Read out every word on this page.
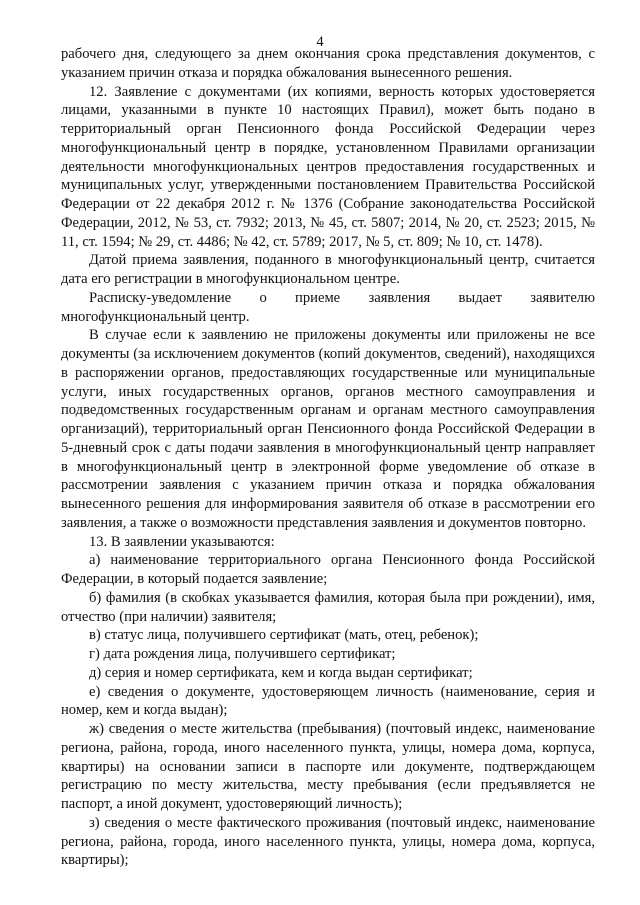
4

рабочего дня, следующего за днем окончания срока представления документов, с указанием причин отказа и порядка обжалования вынесенного решения.

12. Заявление с документами (их копиями, верность которых удостоверяется лицами, указанными в пункте 10 настоящих Правил), может быть подано в территориальный орган Пенсионного фонда Российской Федерации через многофункциональный центр в порядке, установленном Правилами организации деятельности многофункциональных центров предоставления государственных и муниципальных услуг, утвержденными постановлением Правительства Российской Федерации от 22 декабря 2012 г. № 1376 (Собрание законодательства Российской Федерации, 2012, № 53, ст. 7932; 2013, № 45, ст. 5807; 2014, № 20, ст. 2523; 2015, № 11, ст. 1594; № 29, ст. 4486; № 42, ст. 5789; 2017, № 5, ст. 809; № 10, ст. 1478).

Датой приема заявления, поданного в многофункциональный центр, считается дата его регистрации в многофункциональном центре.

Расписку-уведомление о приеме заявления выдает заявителю многофункциональный центр.

В случае если к заявлению не приложены документы или приложены не все документы (за исключением документов (копий документов, сведений), находящихся в распоряжении органов, предоставляющих государственные или муниципальные услуги, иных государственных органов, органов местного самоуправления и подведомственных государственным органам и органам местного самоуправления организаций), территориальный орган Пенсионного фонда Российской Федерации в 5-дневный срок с даты подачи заявления в многофункциональный центр направляет в многофункциональный центр в электронной форме уведомление об отказе в рассмотрении заявления с указанием причин отказа и порядка обжалования вынесенного решения для информирования заявителя об отказе в рассмотрении его заявления, а также о возможности представления заявления и документов повторно.

13. В заявлении указываются:

а) наименование территориального органа Пенсионного фонда Российской Федерации, в который подается заявление;

б) фамилия (в скобках указывается фамилия, которая была при рождении), имя, отчество (при наличии) заявителя;

в) статус лица, получившего сертификат (мать, отец, ребенок);

г) дата рождения лица, получившего сертификат;

д) серия и номер сертификата, кем и когда выдан сертификат;

е) сведения о документе, удостоверяющем личность (наименование, серия и номер, кем и когда выдан);

ж) сведения о месте жительства (пребывания) (почтовый индекс, наименование региона, района, города, иного населенного пункта, улицы, номера дома, корпуса, квартиры) на основании записи в паспорте или документе, подтверждающем регистрацию по месту жительства, месту пребывания (если предъявляется не паспорт, а иной документ, удостоверяющий личность);

з) сведения о месте фактического проживания (почтовый индекс, наименование региона, района, города, иного населенного пункта, улицы, номера дома, корпуса, квартиры);
